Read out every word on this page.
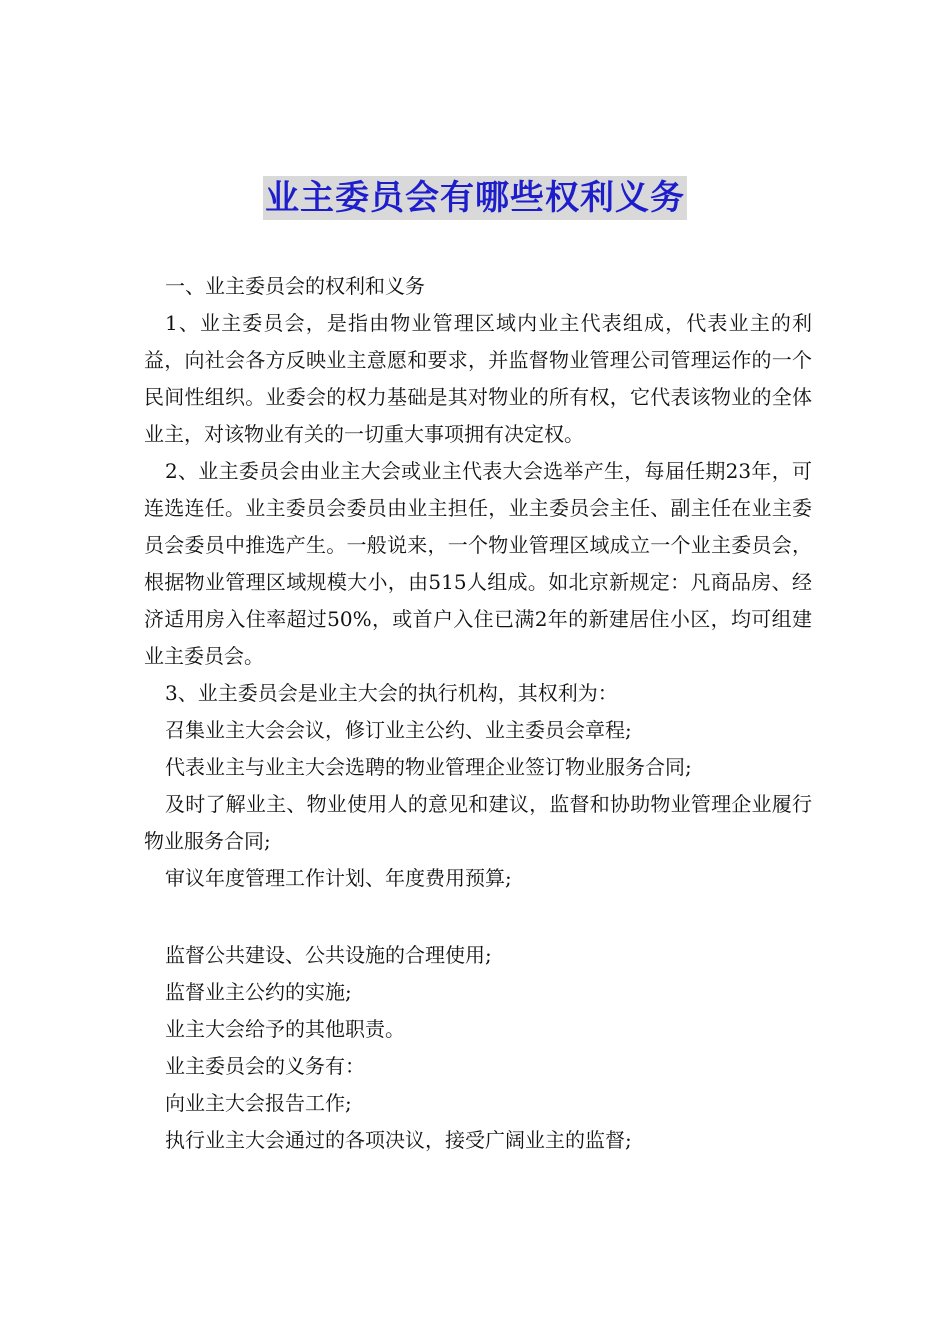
业主委员会有哪些权利义务

一、业主委员会的权利和义务

1、业主委员会，是指由物业管理区域内业主代表组成，代表业主的利益，向社会各方反映业主意愿和要求，并监督物业管理公司管理运作的一个民间性组织。业委会的权力基础是其对物业的所有权，它代表该物业的全体业主，对该物业有关的一切重大事项拥有决定权。

2、业主委员会由业主大会或业主代表大会选举产生，每届任期23年，可连选连任。业主委员会委员由业主担任，业主委员会主任、副主任在业主委员会委员中推选产生。一般说来，一个物业管理区域成立一个业主委员会，根据物业管理区域规模大小，由515人组成。如北京新规定：凡商品房、经济适用房入住率超过50%，或首户入住已满2年的新建居住小区，均可组建业主委员会。

3、业主委员会是业主大会的执行机构，其权利为：

召集业主大会会议，修订业主公约、业主委员会章程;

代表业主与业主大会选聘的物业管理企业签订物业服务合同;

及时了解业主、物业使用人的意见和建议，监督和协助物业管理企业履行物业服务合同;

审议年度管理工作计划、年度费用预算;

监督公共建设、公共设施的合理使用;

监督业主公约的实施;

业主大会给予的其他职责。

业主委员会的义务有：

向业主大会报告工作;

执行业主大会通过的各项决议，接受广阔业主的监督;
